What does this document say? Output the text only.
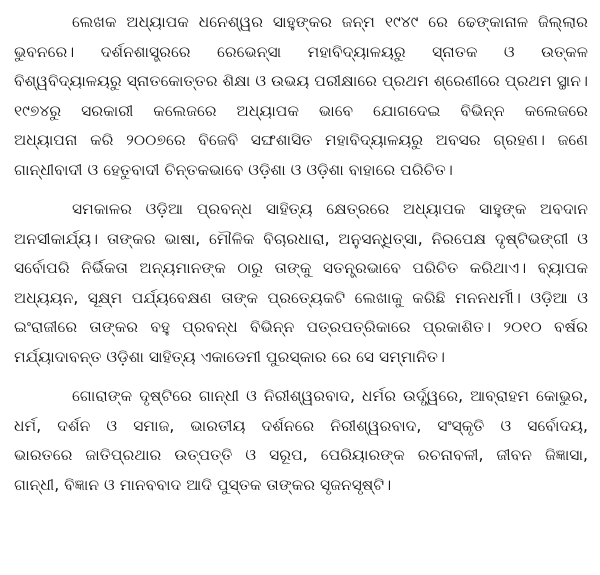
ଲେଖକ ଅଧ୍ୟାପକ ଧନେଶ୍ୱର ସାହୁଙ୍କର ଜନ୍ମ ୧୯୪୯ ରେ ଢେଙ୍କାନାଳ ଜିଲ୍ଲାର
ଭୁବନରେ। ଦର୍ଶନଶାସ୍ତ୍ରରେ ରେଭେନ୍ସା ମହାବିଦ୍ୟାଳୟରୁ ସ୍ନାତକ ଓ ଉତ୍କଳ
ବିଶ୍ୱବିଦ୍ୟାଳୟରୁ ସ୍ନାତକୋତ୍ତର ଶିକ୍ଷା ଓ ଉଭୟ ପରୀକ୍ଷାରେ ପ୍ରଥମ ଶ୍ରେଣୀରେ ପ୍ରଥମ ସ୍ଥାନ।
୧୯୭୪ରୁ ସରକାରୀ କଲେଜରେ ଅଧ୍ୟାପକ ଭାବେ ଯୋଗଦେଇ ବିଭିନ୍ନ କଲେଜରେ
ଅଧ୍ୟାପନା କରି ୨୦୦୭ରେ ବିଜେବି ସଙ୍ଘଶାସିତ ମହାବିଦ୍ୟାଳୟରୁ ଅବସର ଗ୍ରହଣ। ଜଣେ
ଗାନ୍ଧୀବାଦୀ ଓ ହେତୁବାଦୀ ଚିନ୍ତକଭାବେ ଓଡ଼ିଶା ଓ ଓଡ଼ିଶା ବାହାରେ ପରିଚିତ।
ସମକାଳର ଓଡ଼ିଆ ପ୍ରବନ୍ଧ ସାହିତ୍ୟ କ୍ଷେତ୍ରରେ ଅଧ୍ୟାପକ ସାହୁଙ୍କ ଅବଦାନ
ଅନସୀକାର୍ଯ୍ୟ। ତାଙ୍କର ଭାଷା, ମୌଳିକ ବିଚାରଧାରା, ଅନୁସନ୍ଧିତ୍ସା, ନିରପେକ୍ଷ ଦୃଷ୍ଟିଭଙ୍ଗୀ ଓ
ସର୍ବୋପରି ନିର୍ଭିକତା ଅନ୍ୟମାନଙ୍କ ଠାରୁ ତାଙ୍କୁ ସତନ୍ତ୍ରଭାବେ ପରିଚିତ କରିଥାଏ। ବ୍ୟାପକ
ଅଧ୍ୟୟନ, ସୂକ୍ଷ୍ମ ପର୍ଯ୍ୟବେକ୍ଷଣ ତାଙ୍କ ପ୍ରତ୍ୟେକଟି ଲେଖାକୁ କରିଛି ମନନଧର୍ମୀ। ଓଡ଼ିଆ ଓ
ଇଂରାଜୀରେ ତାଙ୍କର ବହୁ ପ୍ରବନ୍ଧ ବିଭିନ୍ନ ପତ୍ରପତ୍ରିକାରେ ପ୍ରକାଶିତ। ୨୦୧୦ ବର୍ଷର
ମର୍ଯ୍ୟାଦାବନ୍ତ ଓଡ଼ିଶା ସାହିତ୍ୟ ଏକାଡେମୀ ପୁରସ୍କାର ରେ ସେ ସମ୍ମାନିତ।
ଗୋରାଙ୍କ ଦୃଷ୍ଟିରେ ଗାନ୍ଧୀ ଓ ନିରୀଶ୍ୱରବାଦ, ଧର୍ମର ଉର୍ଦ୍ଧ୍ୱରେ, ଆବ୍ରାହମ କୋଭୁର,
ଧର୍ମ, ଦର୍ଶନ ଓ ସମାଜ, ଭାରତୀୟ ଦର୍ଶନରେ ନିରୀଶ୍ୱରବାଦ, ସଂସ୍କୃତି ଓ ସର୍ବୋଦୟ,
ଭାରତରେ ଜାତିପ୍ରଥାର ଉତ୍ପତ୍ତି ଓ ସରୂପ, ପେରିୟାରଙ୍କ ରଚନାବଳୀ, ଜୀବନ ଜିଜ୍ଞାସା,
ଗାନ୍ଧୀ, ବିଜ୍ଞାନ ଓ ମାନବବାଦ ଆଦି ପୁସ୍ତକ ତାଙ୍କର ସୃଜନସୃଷ୍ଟି।
